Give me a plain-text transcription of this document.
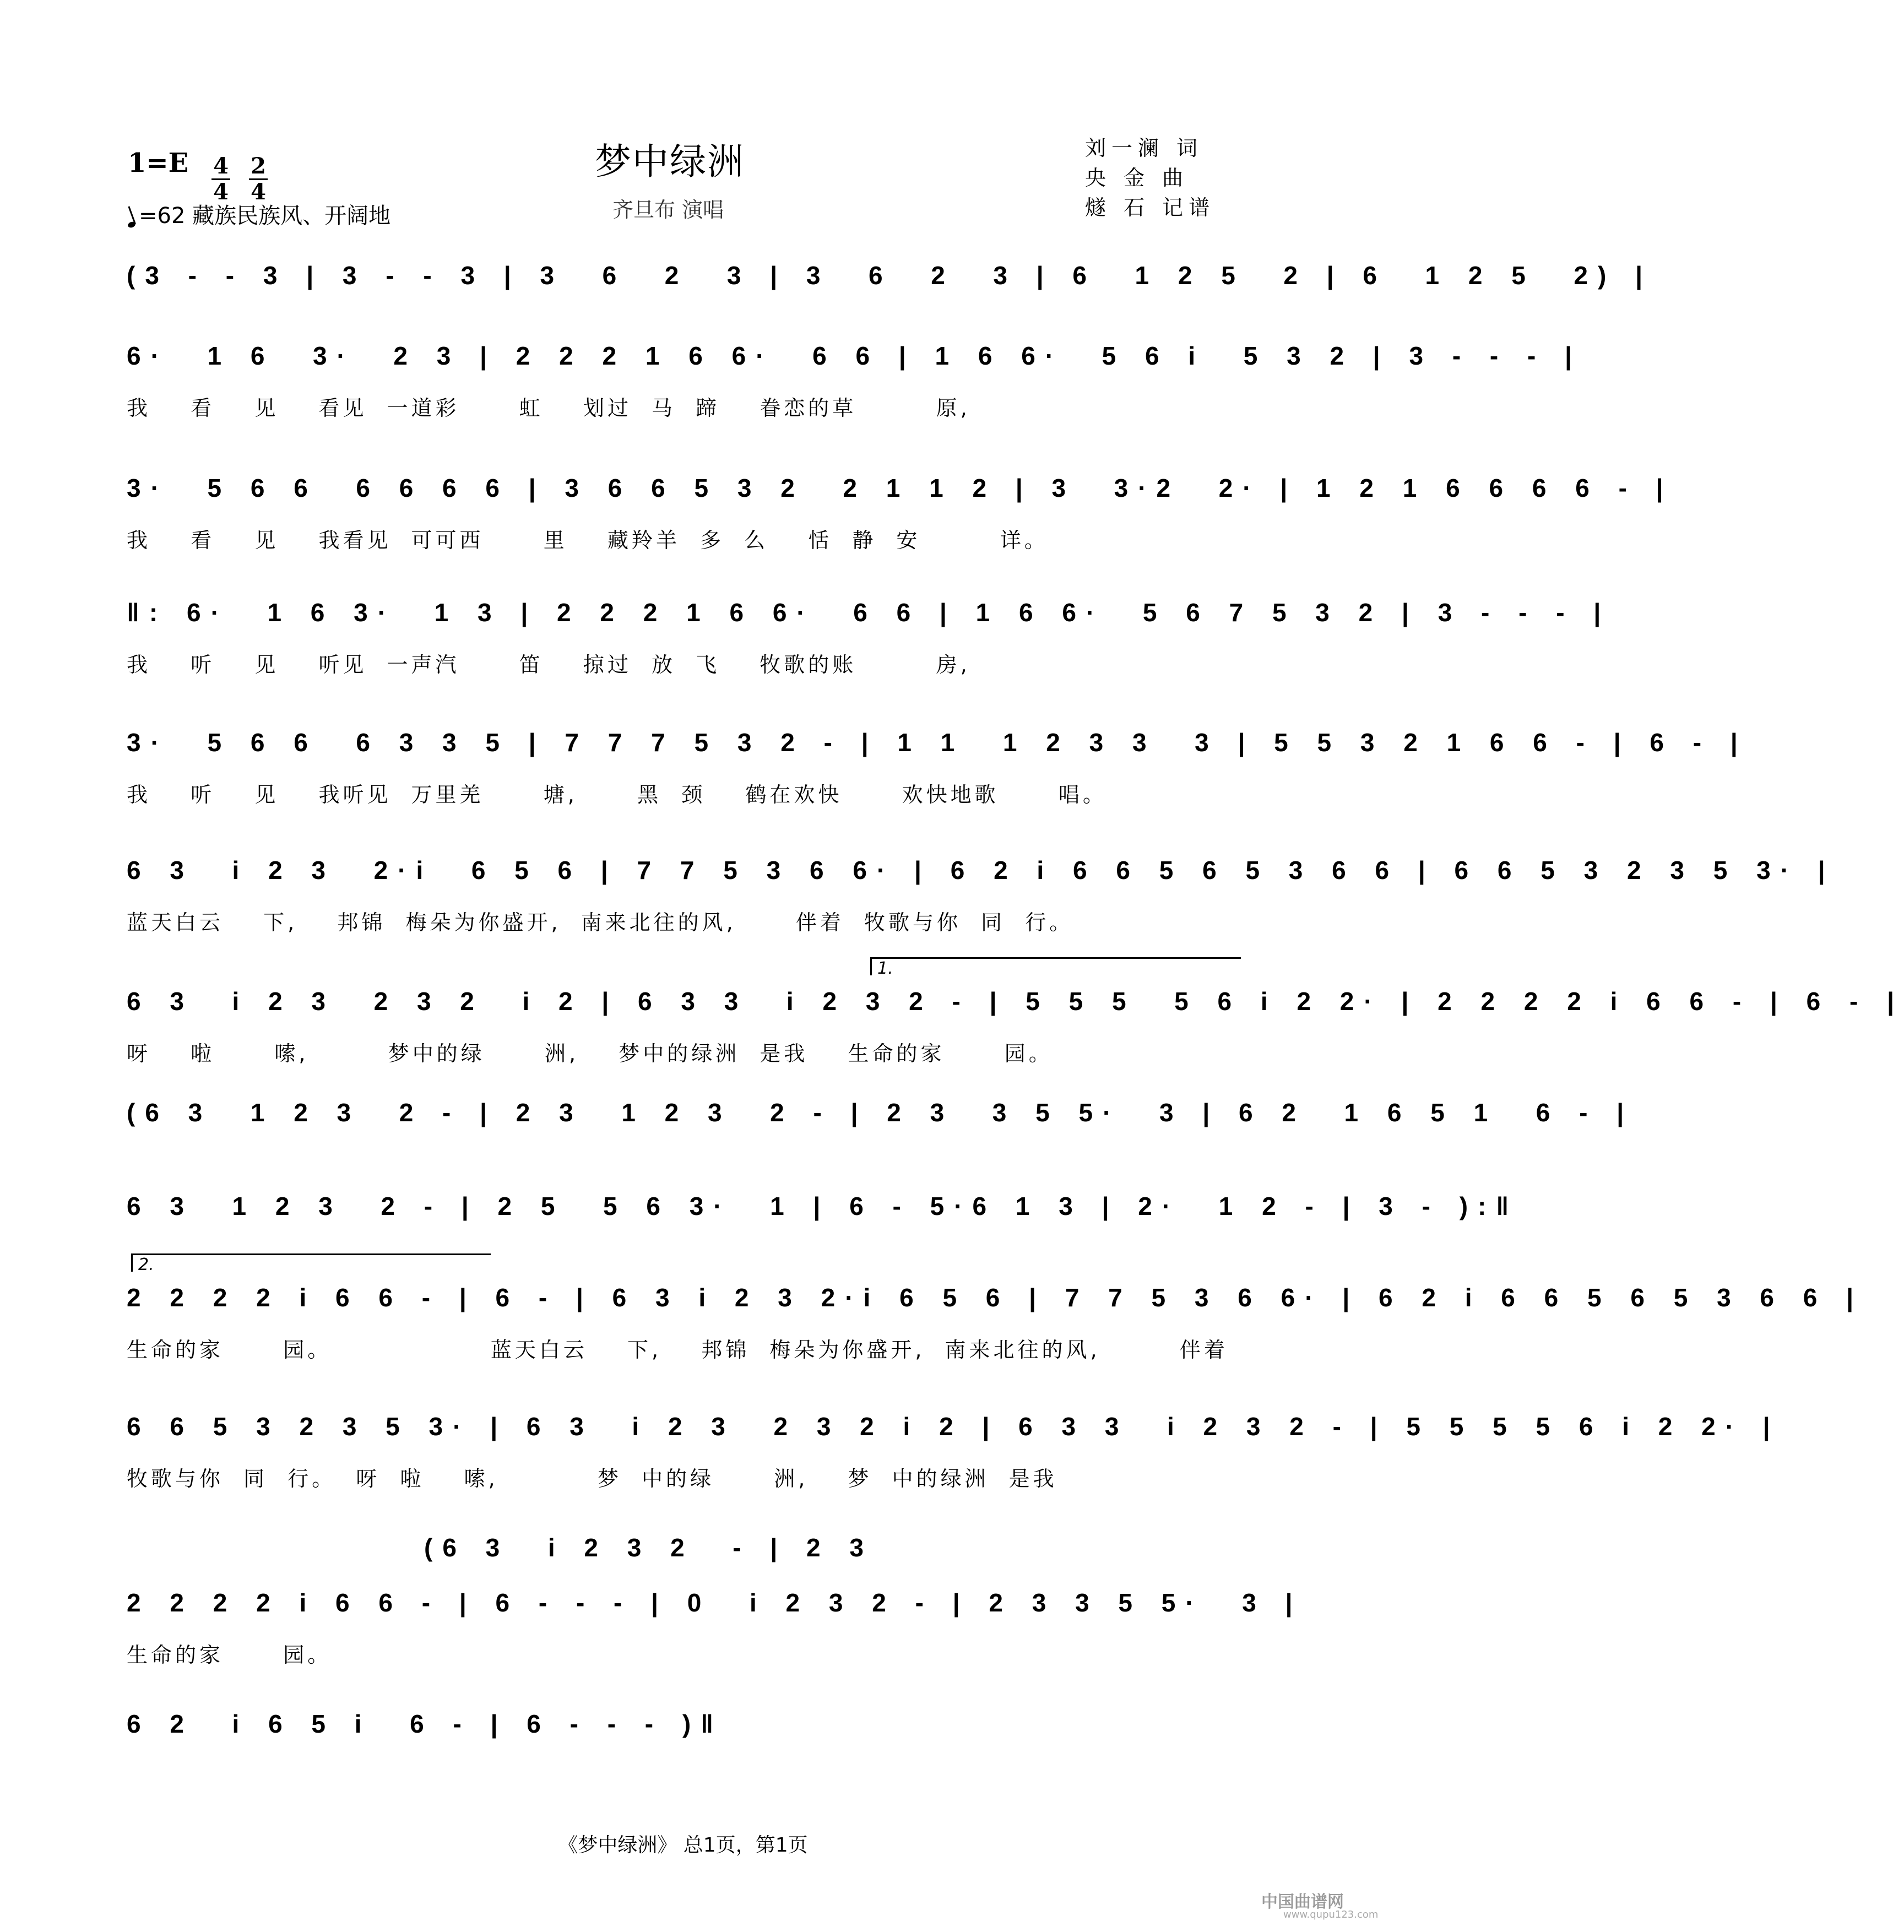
梦中绿洲
齐旦布 演唱
刘一澜 词
央 金 曲
燧 石 记谱
1=E 4
4
2
4
=62 藏族民族风、开阔地
(3 - - 3 | 3 - - 3 | 3  6  2  3 | 3  6  2  3 | 6  1 2 5  2 | 6  1 2 5  2) |
6·  1 6  3·  2 3 | 2 2 2 1 6 6·  6 6 | 1 6 6·  5 6 i  5 3 2 | 3 - - - |
我  看  见  看见 一道彩   虹  划过 马 蹄  眷恋的草    原,
3·  5 6 6  6 6 6 6 | 3 6 6 5 3 2  2 1 1 2 | 3  3·2  2· | 1 2 1 6 6 6 6 - |
我  看  见  我看见 可可西   里  藏羚羊 多 么  恬 静 安    详。
‖: 6·  1 6 3·  1 3 | 2 2 2 1 6 6·  6 6 | 1 6 6·  5 6 7 5 3 2 | 3 - - - |
我  听  见  听见 一声汽   笛  掠过 放 飞  牧歌的账    房,
3·  5 6 6  6 3 3 5 | 7 7 7 5 3 2 - | 1 1  1 2 3 3  3 | 5 5 3 2 1 6 6 - | 6 - |
我  听  见  我听见 万里羌   塘,   黑 颈  鹤在欢快   欢快地歌   唱。
6 3  i 2 3  2·i  6 5 6 | 7 7 5 3 6 6· | 6 2 i 6 6 5 6 5 3 6 6 | 6 6 5 3 2 3 5 3· |
蓝天白云  下,  邦锦 梅朵为你盛开, 南来北往的风,   伴着 牧歌与你 同 行。
1.
6 3  i 2 3  2 3 2  i 2 | 6 3 3  i 2 3 2 - | 5 5 5  5 6 i 2 2· | 2 2 2 2 i 6 6 - | 6 - |
呀  啦   嗦,    梦中的绿   洲,  梦中的绿洲 是我  生命的家   园。
(6 3  1 2 3  2 - | 2 3  1 2 3  2 - | 2 3  3 5 5·  3 | 6 2  1 6 5 1  6 - |
6 3  1 2 3  2 - | 2 5  5 6 3·  1 | 6 - 5·6 1 3 | 2·  1 2 - | 3 - ):‖
2.
2 2 2 2 i 6 6 - | 6 - | 6 3 i 2 3 2·i 6 5 6 | 7 7 5 3 6 6· | 6 2 i 6 6 5 6 5 3 6 6 |
生命的家   园。        蓝天白云  下,  邦锦 梅朵为你盛开, 南来北往的风,    伴着
6 6 5 3 2 3 5 3· | 6 3  i 2 3  2 3 2 i 2 | 6 3 3  i 2 3 2 - | 5 5 5 5 6 i 2 2· |
牧歌与你 同 行。 呀 啦  嗦,     梦 中的绿   洲,  梦 中的绿洲 是我
(6 3  i 2 3 2  - | 2 3
2 2 2 2 i 6 6 - | 6 - - - | 0  i 2 3 2 - | 2 3 3 5 5·  3 |
生命的家   园。
6 2  i 6 5 i  6 - | 6 - - - )‖
《梦中绿洲》 总1页，第1页
中国曲谱网
www.qupu123.com
